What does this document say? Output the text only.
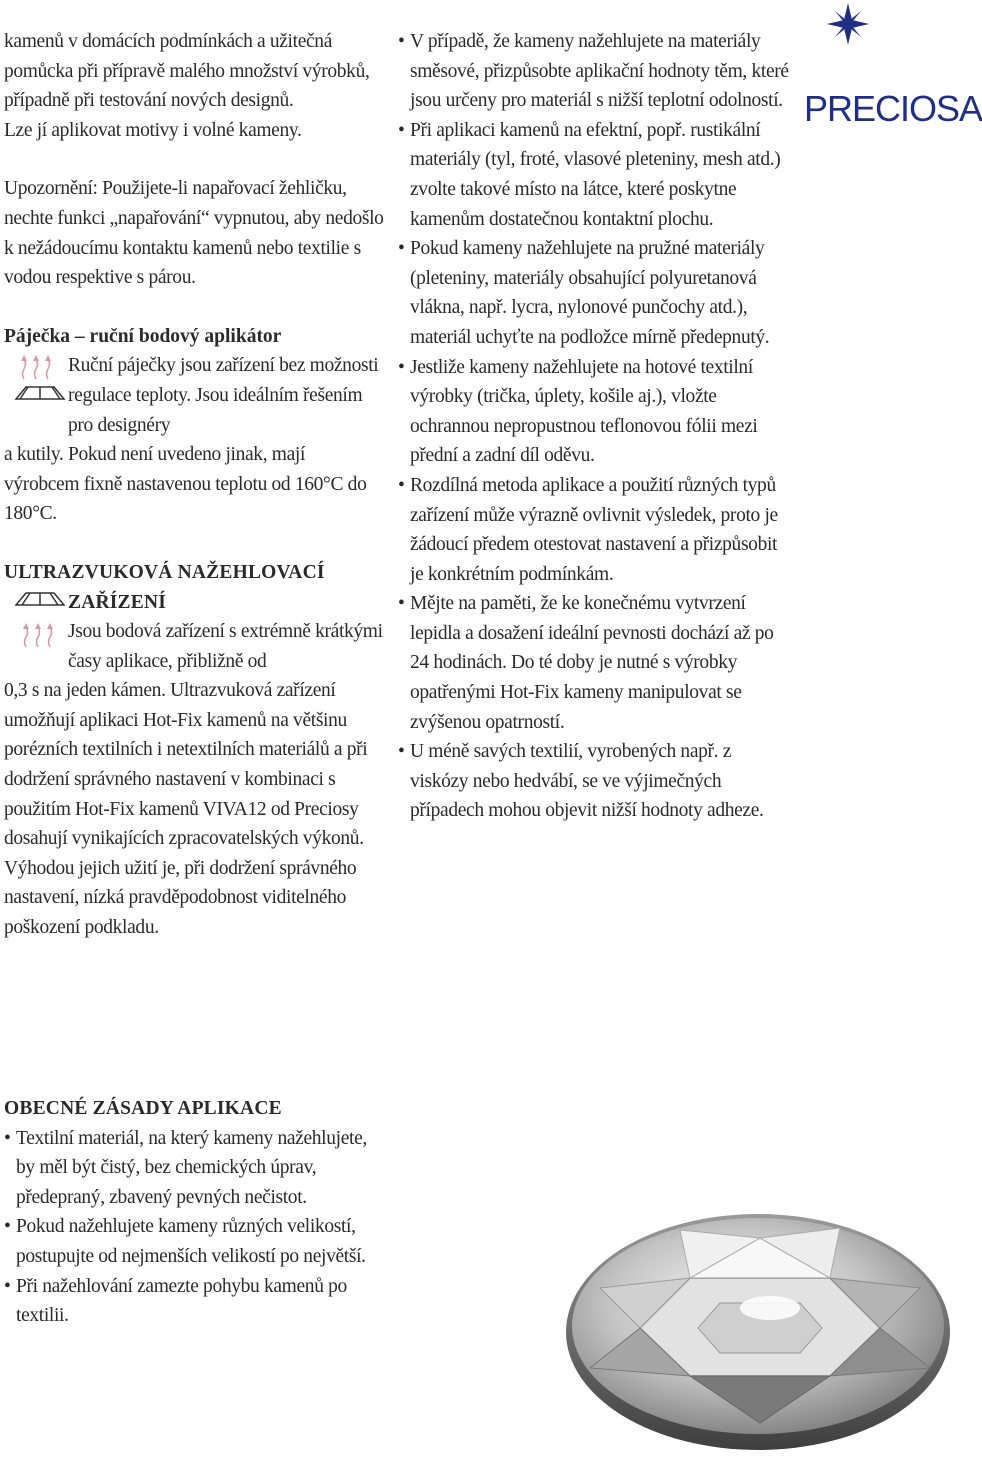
PRECIOSA

kamenů v domácích podmínkách a užitečná pomůcka při přípravě malého množství výrobků, případně při testování nových designů.

Lze jí aplikovat motivy i volné kameny.

Upozornění: Použijete-li napařovací žehličku, nechte funkci „napařování“ vypnutou, aby nedošlo k nežádoucímu kontaktu kamenů nebo textilie s vodou respektive s párou.

Páječka – ruční bodový aplikátor

Ruční páječky jsou zařízení bez možnosti regulace teploty. Jsou ideálním řešením pro designéry

a kutily. Pokud není uvedeno jinak, mají výrobcem fixně nastavenou teplotu od 160°C do 180°C.

ULTRAZVUKOVÁ NAŽEHLOVACÍ

ZAŘÍZENÍ

Jsou bodová zařízení s extrémně krátkými časy aplikace, přibližně od

0,3 s na jeden kámen. Ultrazvuková zařízení umožňují aplikaci Hot-Fix kamenů na většinu porézních textilních i netextilních materiálů a při dodržení správného nastavení v kombinaci s použitím Hot-Fix kamenů VIVA12 od Preciosy dosahují vynikajících zpracovatelských výkonů. Výhodou jejich užití je, při dodržení správného nastavení, nízká pravděpodobnost viditelného poškození podkladu.

• V případě, že kameny nažehlujete na materiály směsové, přizpůsobte aplikační hodnoty těm, které jsou určeny pro materiál s nižší teplotní odolností.

• Při aplikaci kamenů na efektní, popř. rustikální materiály (tyl, froté, vlasové pleteniny, mesh atd.) zvolte takové místo na látce, které poskytne kamenům dostatečnou kontaktní plochu.

• Pokud kameny nažehlujete na pružné materiály (pleteniny, materiály obsahující polyuretanová vlákna, např. lycra, nylonové punčochy atd.), materiál uchyťte na podložce mírně předepnutý.

• Jestliže kameny nažehlujete na hotové textilní výrobky (trička, úplety, košile aj.), vložte ochrannou nepropustnou teflonovou fólii mezi přední a zadní díl oděvu.

• Rozdílná metoda aplikace a použití různých typů zařízení může výrazně ovlivnit výsledek, proto je žádoucí předem otestovat nastavení a přizpůsobit je konkrétním podmínkám.

• Mějte na paměti, že ke konečnému vytvrzení lepidla a dosažení ideální pevnosti dochází až po 24 hodinách. Do té doby je nutné s výrobky opatřenými Hot-Fix kameny manipulovat se zvýšenou opatrností.

• U méně savých textilií, vyrobených např. z viskózy nebo hedvábí, se ve výjimečných případech mohou objevit nižší hodnoty adheze.

OBECNÉ ZÁSADY APLIKACE

• Textilní materiál, na který kameny nažehlujete, by měl být čistý, bez chemických úprav, předepraný, zbavený pevných nečistot.

• Pokud nažehlujete kameny různých velikostí, postupujte od nejmenších velikostí po největší.

• Při nažehlování zamezte pohybu kamenů po textilii.
